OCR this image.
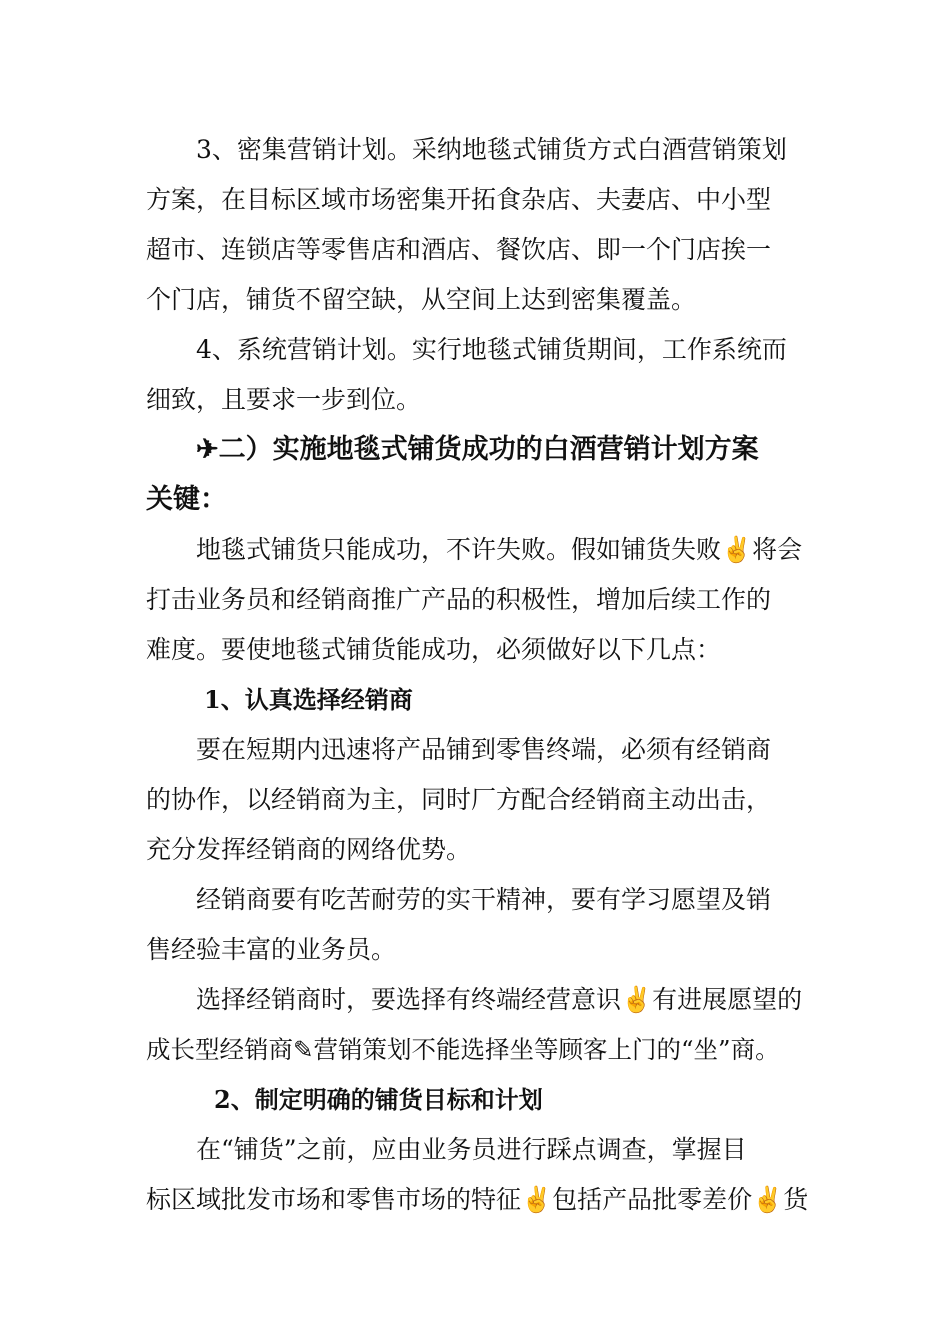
3、密集营销计划。采纳地毯式铺货方式白酒营销策划
方案，在目标区域市场密集开拓食杂店、夫妻店、中小型
超市、连锁店等零售店和酒店、餐饮店、即一个门店挨一
个门店，铺货不留空缺，从空间上达到密集覆盖。
4、系统营销计划。实行地毯式铺货期间，工作系统而
细致，且要求一步到位。
✈二）实施地毯式铺货成功的白酒营销计划方案
关键：
地毯式铺货只能成功，不许失败。假如铺货失败✌将会
打击业务员和经销商推广产品的积极性，增加后续工作的
难度。要使地毯式铺货能成功，必须做好以下几点：
1、认真选择经销商
要在短期内迅速将产品铺到零售终端，必须有经销商
的协作，以经销商为主，同时厂方配合经销商主动出击，
充分发挥经销商的网络优势。
经销商要有吃苦耐劳的实干精神，要有学习愿望及销
售经验丰富的业务员。
选择经销商时，要选择有终端经营意识✌有进展愿望的
成长型经销商✎营销策划不能选择坐等顾客上门的“坐”商。
2、制定明确的铺货目标和计划
在“铺货”之前，应由业务员进行踩点调查，掌握目
标区域批发市场和零售市场的特征✌包括产品批零差价✌货
